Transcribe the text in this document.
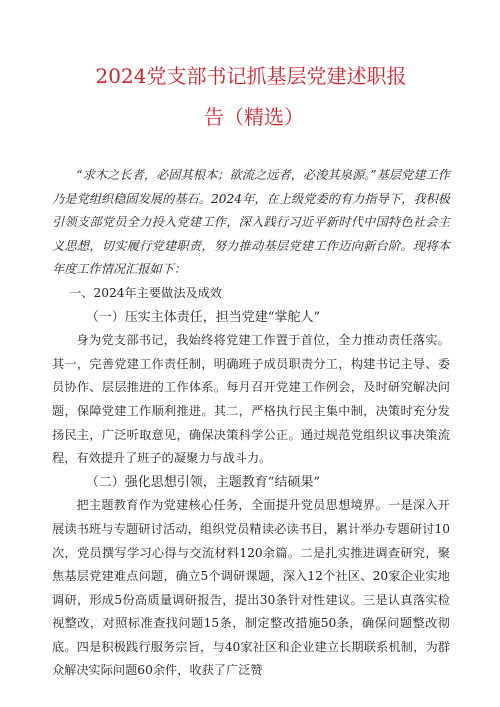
2024党支部书记抓基层党建述职报
告（精选）

“求木之长者，必固其根本；欲流之远者，必浚其泉源。”基层党建工作乃是党组织稳固发展的基石。2024年，在上级党委的有力指导下，我积极引领支部党员全力投入党建工作，深入践行习近平新时代中国特色社会主义思想，切实履行党建职责，努力推动基层党建工作迈向新台阶。现将本年度工作情况汇报如下：

一、2024年主要做法及成效

（一）压实主体责任，担当党建“掌舵人”

身为党支部书记，我始终将党建工作置于首位，全力推动责任落实。其一，完善党建工作责任制，明确班子成员职责分工，构建书记主导、委员协作、层层推进的工作体系。每月召开党建工作例会，及时研究解决问题，保障党建工作顺利推进。其二，严格执行民主集中制，决策时充分发扬民主，广泛听取意见，确保决策科学公正。通过规范党组织议事决策流程，有效提升了班子的凝聚力与战斗力。

（二）强化思想引领，主题教育“结硕果”

把主题教育作为党建核心任务，全面提升党员思想境界。一是深入开展读书班与专题研讨活动，组织党员精读必读书目，累计举办专题研讨10次，党员撰写学习心得与交流材料120余篇。二是扎实推进调查研究，聚焦基层党建难点问题，确立5个调研课题，深入12个社区、20家企业实地调研，形成5份高质量调研报告，提出30条针对性建议。三是认真落实检视整改，对照标准查找问题15条，制定整改措施50条，确保问题整改彻底。四是积极践行服务宗旨，与40家社区和企业建立长期联系机制，为群众解决实际问题60余件，收获了广泛赞
